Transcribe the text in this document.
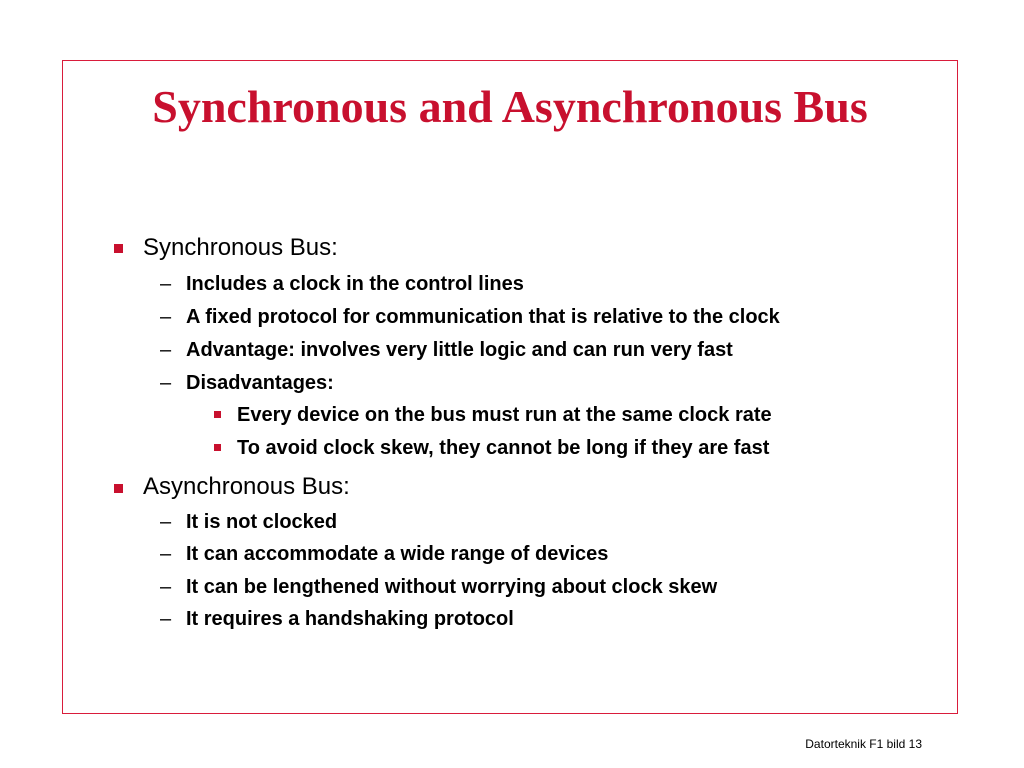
Synchronous and Asynchronous Bus
Synchronous Bus:
– Includes a clock in the control lines
– A fixed protocol for communication that is relative to the clock
– Advantage: involves very little logic and can run very fast
– Disadvantages:
Every device on the bus must run at the same clock rate
To avoid clock skew, they cannot be long if they are fast
Asynchronous Bus:
– It is not clocked
– It can accommodate a wide range of devices
– It can be lengthened without worrying about clock skew
– It requires a handshaking protocol
Datorteknik F1 bild 13
